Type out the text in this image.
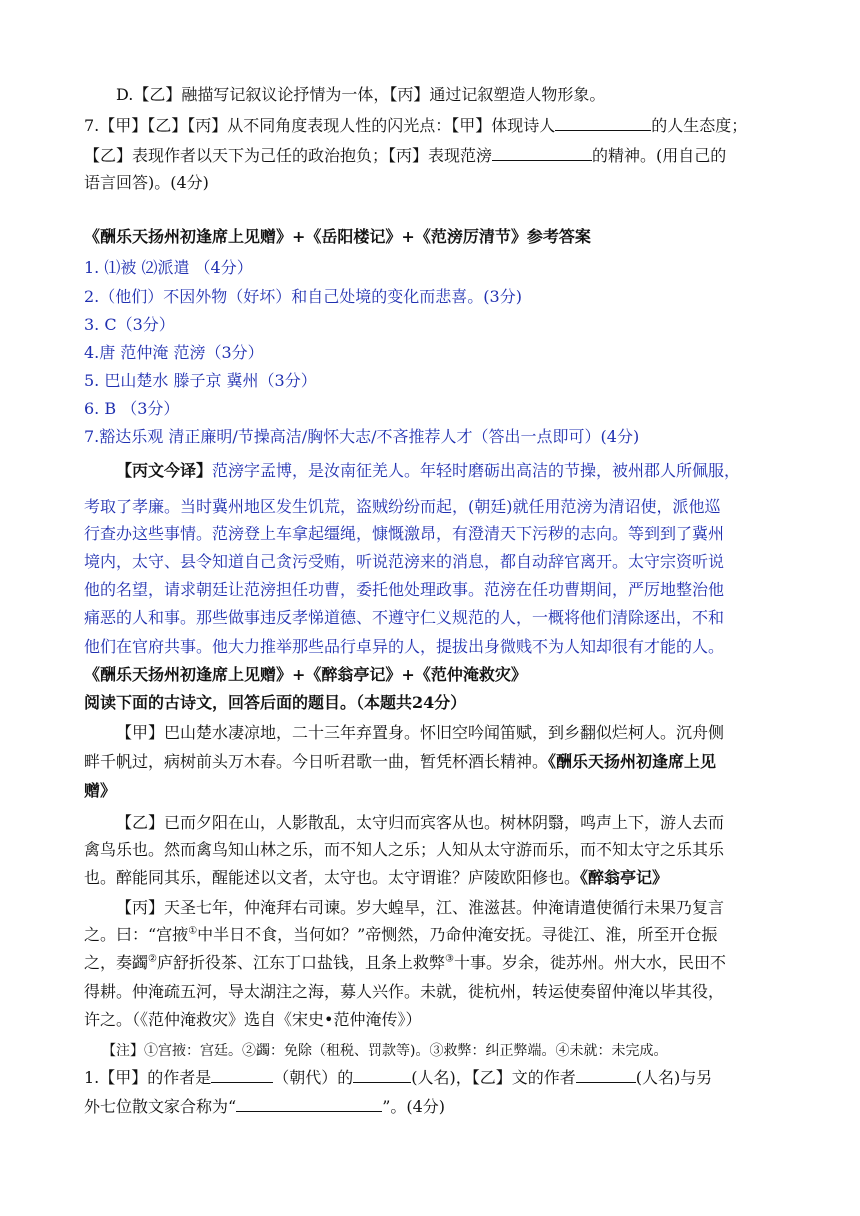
D.【乙】融描写记叙议论抒情为一体，【丙】通过记叙塑造人物形象。
7.【甲】【乙】【丙】从不同角度表现人性的闪光点：【甲】体现诗人	的人生态度；
【乙】表现作者以天下为己任的政治抱负；【丙】表现范滂	的精神。(用自己的
语言回答)。(4分)
《酬乐天扬州初逢席上见赠》+《岳阳楼记》+《范滂厉清节》参考答案
1. ⑴被 ⑵派遣 （4分）
2.（他们）不因外物（好坏）和自己处境的变化而悲喜。(3分)
3. C（3分）
4.唐 范仲淹 范滂（3分）
5. 巴山楚水 滕子京 冀州（3分）
6. B （3分）
7.豁达乐观 清正廉明/节操高洁/胸怀大志/不吝推荐人才（答出一点即可）(4分)
【丙文今译】范滂字孟博，是汝南征羌人。年轻时磨砺出高洁的节操，被州郡人所佩服，
考取了孝廉。当时冀州地区发生饥荒，盗贼纷纷而起，(朝廷)就任用范滂为清诏使，派他巡
行查办这些事情。范滂登上车拿起缰绳，慷慨激昂，有澄清天下污秽的志向。等到到了冀州
境内，太守、县令知道自己贪污受贿，听说范滂来的消息，都自动辞官离开。太守宗资听说
他的名望，请求朝廷让范滂担任功曹，委托他处理政事。范滂在任功曹期间，严厉地整治他
痛恶的人和事。那些做事违反孝悌道德、不遵守仁义规范的人，一概将他们清除逐出，不和
他们在官府共事。他大力推举那些品行卓异的人，提拔出身微贱不为人知却很有才能的人。
《酬乐天扬州初逢席上见赠》+《醉翁亭记》+《范仲淹救灾》
阅读下面的古诗文，回答后面的题目。（本题共24分）
【甲】巴山楚水凄凉地，二十三年弃置身。怀旧空吟闻笛赋，到乡翻似烂柯人。沉舟侧
畔千帆过，病树前头万木春。今日听君歌一曲，暂凭杯酒长精神。《酬乐天扬州初逢席上见
赠》
【乙】已而夕阳在山，人影散乱，太守归而宾客从也。树林阴翳，鸣声上下，游人去而
禽鸟乐也。然而禽鸟知山林之乐，而不知人之乐；人知从太守游而乐，而不知太守之乐其乐
也。醉能同其乐，醒能述以文者，太守也。太守谓谁？庐陵欧阳修也。《醉翁亭记》
【丙】天圣七年，仲淹拜右司谏。岁大蝗旱，江、淮滋甚。仲淹请遣使循行未果乃复言
之。曰：“宫掖①中半日不食，当何如？”帝恻然，乃命仲淹安抚。寻徙江、淮，所至开仓振
之，奏蠲②庐舒折役茶、江东丁口盐钱，且条上救弊③十事。岁余，徙苏州。州大水，民田不
得耕。仲淹疏五河，导太湖注之海，募人兴作。未就，徙杭州，转运使奏留仲淹以毕其役，
许之。（《范仲淹救灾》选自《宋史•范仲淹传》）
【注】①宫掖：宫廷。②蠲：免除（租税、罚款等)。③救弊：纠正弊端。④未就：未完成。
1.【甲】的作者是	（朝代）的	(人名)，【乙】文的作者	(人名)与另
外七位散文家合称为“	”。(4分)
